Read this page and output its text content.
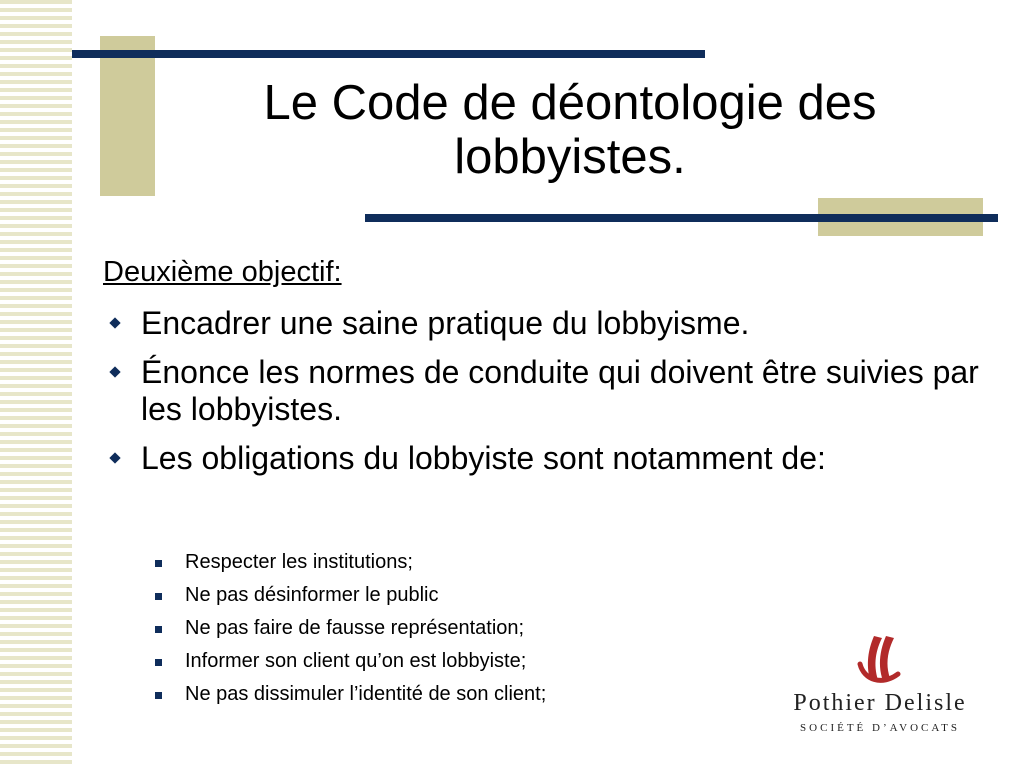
Le Code de déontologie des
lobbyistes.

Deuxième objectif:

Encadrer une saine pratique du lobbyisme.
Énonce les normes de conduite qui doivent être suivies par les lobbyistes.
Les obligations du lobbyiste sont notamment de:
Respecter les institutions;
Ne pas désinformer le public
Ne pas faire de fausse représentation;
Informer son client qu’on est lobbyiste;
Ne pas dissimuler l’identité de son client;	Pothier Delisle
SOCIÉTÉ D’AVOCATS
